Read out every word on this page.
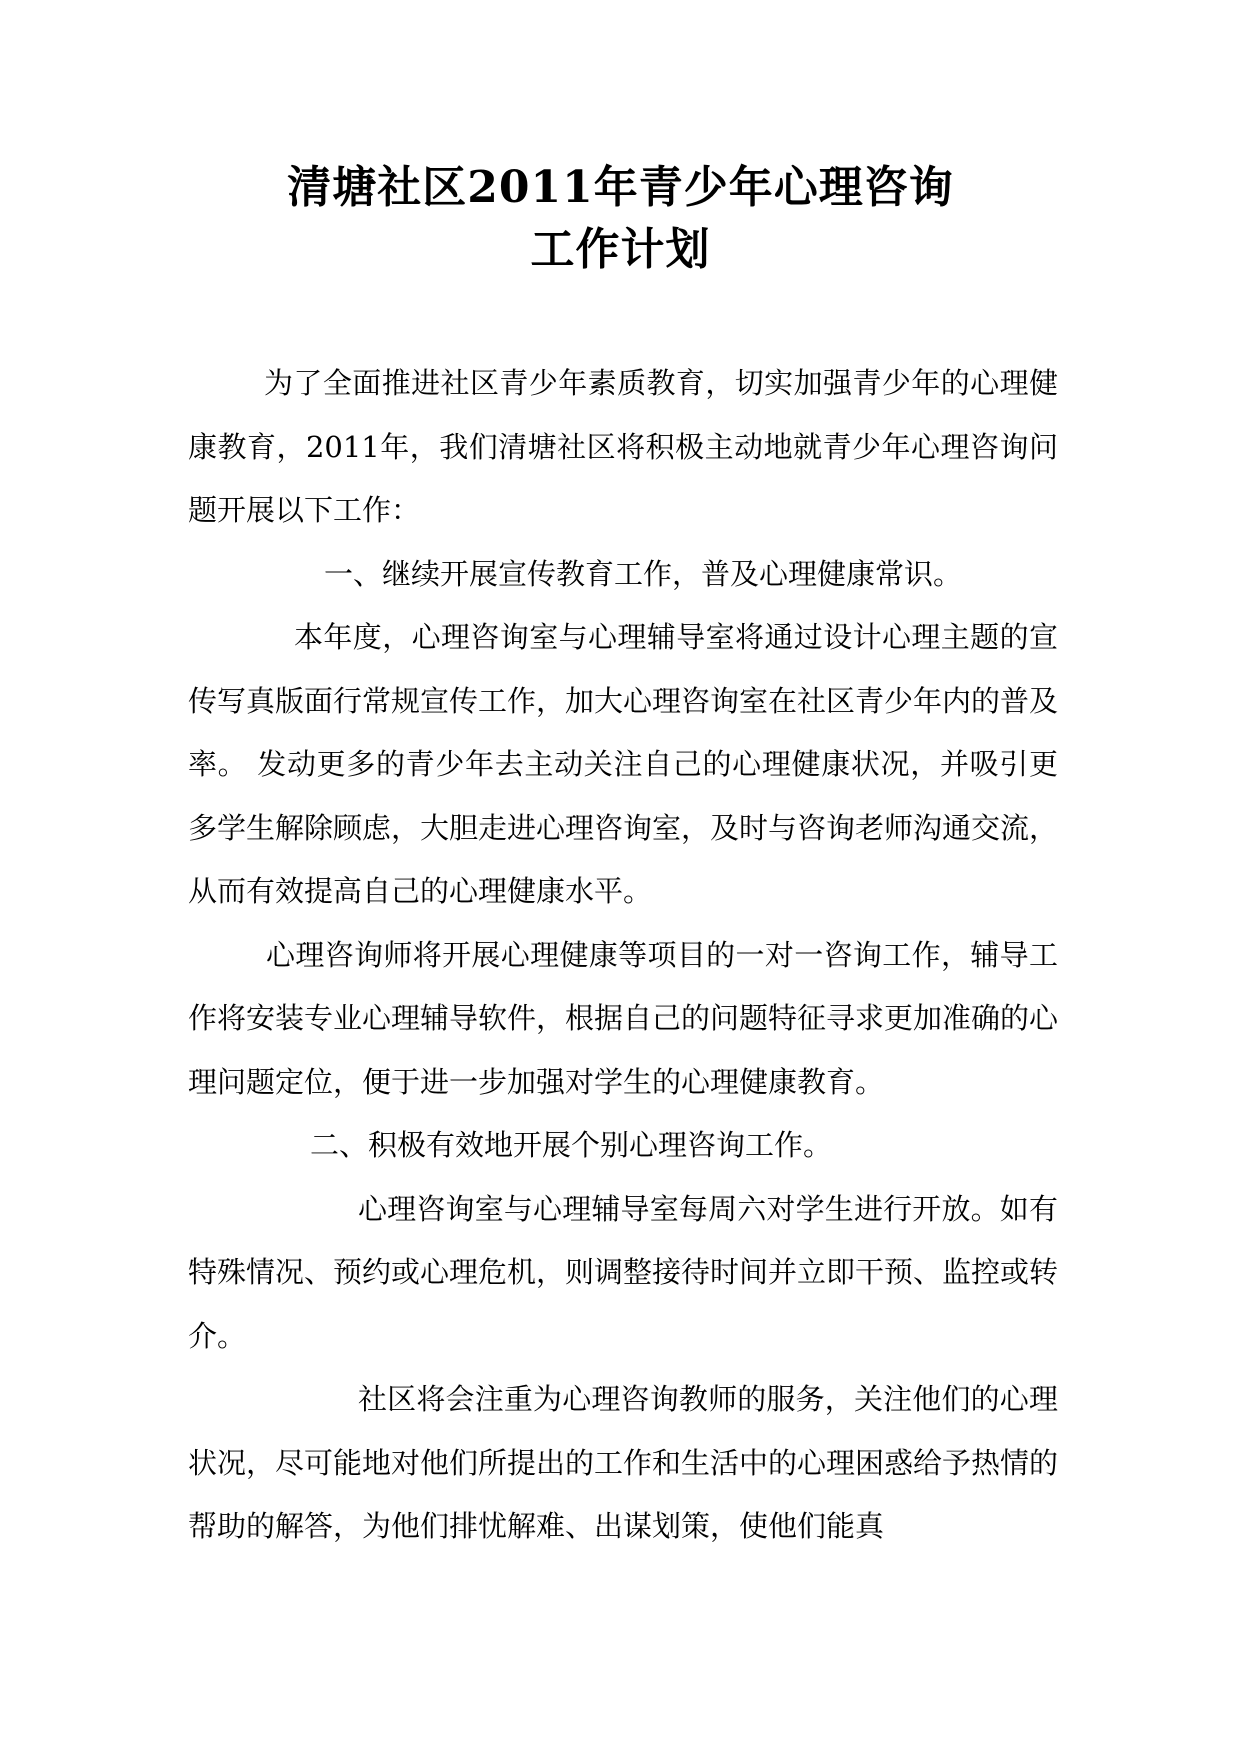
清塘社区2011年青少年心理咨询
工作计划

为了全面推进社区青少年素质教育，切实加强青少年的心理健康教育，2011年，我们清塘社区将积极主动地就青少年心理咨询问题开展以下工作：

一、继续开展宣传教育工作，普及心理健康常识。

本年度，心理咨询室与心理辅导室将通过设计心理主题的宣传写真版面行常规宣传工作，加大心理咨询室在社区青少年内的普及率。 发动更多的青少年去主动关注自己的心理健康状况，并吸引更多学生解除顾虑，大胆走进心理咨询室，及时与咨询老师沟通交流，从而有效提高自己的心理健康水平。

心理咨询师将开展心理健康等项目的一对一咨询工作，辅导工作将安装专业心理辅导软件，根据自己的问题特征寻求更加准确的心理问题定位，便于进一步加强对学生的心理健康教育。

二、积极有效地开展个别心理咨询工作。

心理咨询室与心理辅导室每周六对学生进行开放。如有特殊情况、预约或心理危机，则调整接待时间并立即干预、监控或转介。

社区将会注重为心理咨询教师的服务，关注他们的心理状况，尽可能地对他们所提出的工作和生活中的心理困惑给予热情的帮助的解答，为他们排忧解难、出谋划策，使他们能真
